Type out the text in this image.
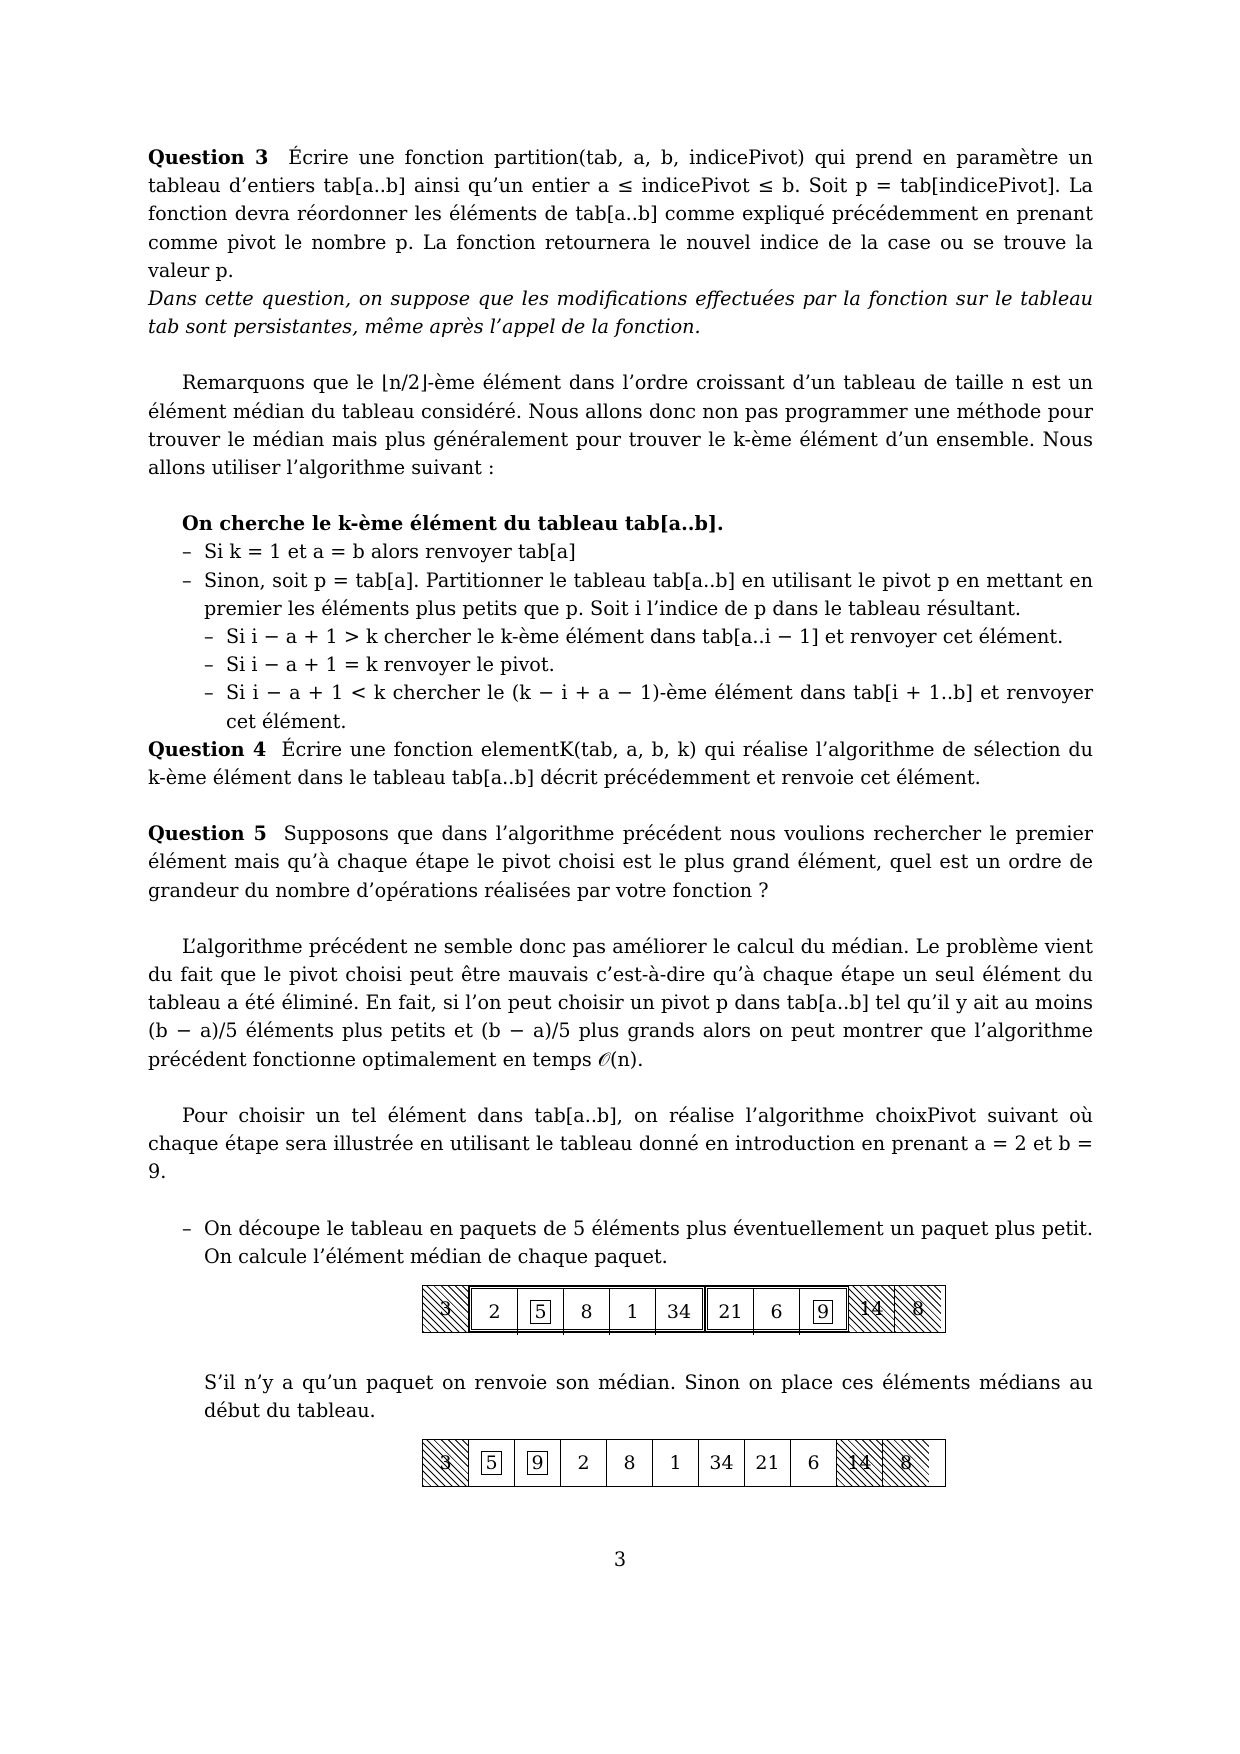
Question 3 Écrire une fonction partition(tab, a, b, indicePivot) qui prend en paramètre un tableau d’entiers tab[a..b] ainsi qu’un entier a ≤ indicePivot ≤ b. Soit p = tab[indicePivot]. La fonction devra réordonner les éléments de tab[a..b] comme expliqué précédemment en prenant comme pivot le nombre p. La fonction retournera le nouvel indice de la case ou se trouve la valeur p.

Dans cette question, on suppose que les modifications effectuées par la fonction sur le tableau tab sont persistantes, même après l’appel de la fonction.

Remarquons que le ⌊n/2⌋-ème élément dans l’ordre croissant d’un tableau de taille n est un élément médian du tableau considéré. Nous allons donc non pas programmer une méthode pour trouver le médian mais plus généralement pour trouver le k-ème élément d’un ensemble. Nous allons utiliser l’algorithme suivant :

On cherche le k-ème élément du tableau tab[a..b].

– Si k = 1 et a = b alors renvoyer tab[a]
– Sinon, soit p = tab[a]. Partitionner le tableau tab[a..b] en utilisant le pivot p en mettant en premier les éléments plus petits que p. Soit i l’indice de p dans le tableau résultant.
– Si i − a + 1 > k chercher le k-ème élément dans tab[a..i − 1] et renvoyer cet élément.
– Si i − a + 1 = k renvoyer le pivot.
– Si i − a + 1 < k chercher le (k − i + a − 1)-ème élément dans tab[i + 1..b] et renvoyer cet élément.

Question 4 Écrire une fonction elementK(tab, a, b, k) qui réalise l’algorithme de sélection du k-ème élément dans le tableau tab[a..b] décrit précédemment et renvoie cet élément.

Question 5 Supposons que dans l’algorithme précédent nous voulions rechercher le premier élément mais qu’à chaque étape le pivot choisi est le plus grand élément, quel est un ordre de grandeur du nombre d’opérations réalisées par votre fonction ?

L’algorithme précédent ne semble donc pas améliorer le calcul du médian. Le problème vient du fait que le pivot choisi peut être mauvais c’est-à-dire qu’à chaque étape un seul élément du tableau a été éliminé. En fait, si l’on peut choisir un pivot p dans tab[a..b] tel qu’il y ait au moins (b − a)/5 éléments plus petits et (b − a)/5 plus grands alors on peut montrer que l’algorithme précédent fonctionne optimalement en temps 𝒪(n).

Pour choisir un tel élément dans tab[a..b], on réalise l’algorithme choixPivot suivant où chaque étape sera illustrée en utilisant le tableau donné en introduction en prenant a = 2 et b = 9.

– On découpe le tableau en paquets de 5 éléments plus éventuellement un paquet plus petit. On calcule l’élément médian de chaque paquet.
3 2 5 8 1 34 21 6 9 14 8

S’il n’y a qu’un paquet on renvoie son médian. Sinon on place ces éléments médians au début du tableau.

3 5 9 2 8 1 34 21 6 14 8
3
